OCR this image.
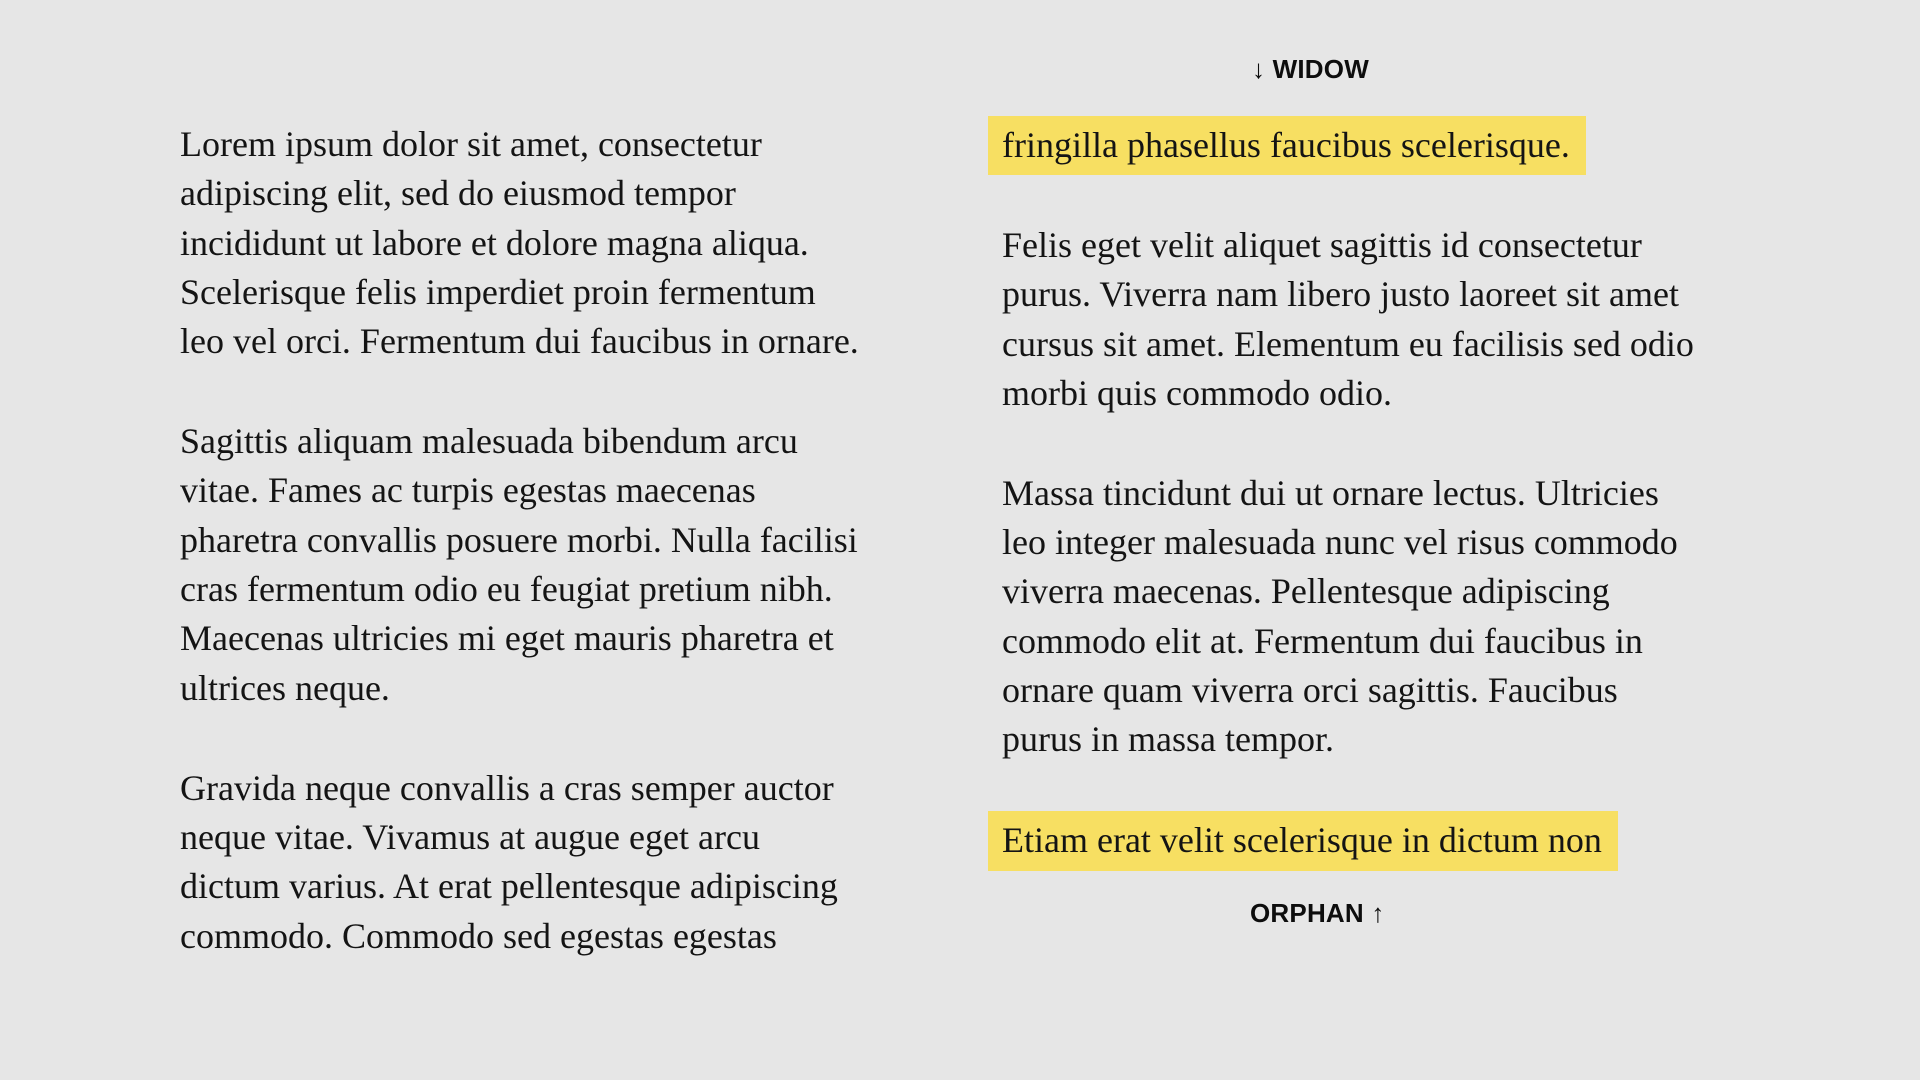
↓ WIDOW

Lorem ipsum dolor sit amet, consectetur
adipiscing elit, sed do eiusmod tempor
incididunt ut labore et dolore magna aliqua.
Scelerisque felis imperdiet proin fermentum
leo vel orci. Fermentum dui faucibus in ornare.

Sagittis aliquam malesuada bibendum arcu
vitae. Fames ac turpis egestas maecenas
pharetra convallis posuere morbi. Nulla facilisi
cras fermentum odio eu feugiat pretium nibh.
Maecenas ultricies mi eget mauris pharetra et
ultrices neque.

Gravida neque convallis a cras semper auctor
neque vitae. Vivamus at augue eget arcu
dictum varius. At erat pellentesque adipiscing
commodo. Commodo sed egestas egestas

fringilla phasellus faucibus scelerisque.

Felis eget velit aliquet sagittis id consectetur
purus. Viverra nam libero justo laoreet sit amet
cursus sit amet. Elementum eu facilisis sed odio
morbi quis commodo odio.

Massa tincidunt dui ut ornare lectus. Ultricies
leo integer malesuada nunc vel risus commodo
viverra maecenas. Pellentesque adipiscing
commodo elit at. Fermentum dui faucibus in
ornare quam viverra orci sagittis. Faucibus
purus in massa tempor.

Etiam erat velit scelerisque in dictum non

ORPHAN ↑
